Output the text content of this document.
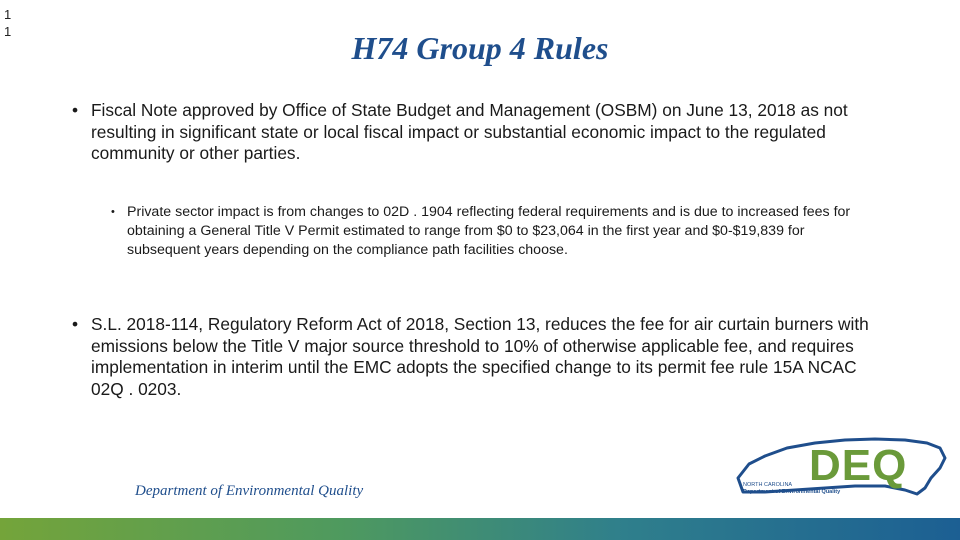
1
1	H74 Group 4 Rules
• Fiscal Note approved by Office of State Budget and Management (OSBM) on June 13, 2018 as not resulting in significant state or local fiscal impact or substantial economic impact to the regulated community or other parties.
• Private sector impact is from changes to 02D . 1904 reflecting federal requirements and is due to increased fees for obtaining a General Title V Permit estimated to range from $0 to $23,064 in the first year and $0-$19,839 for subsequent years depending on the compliance path facilities choose.
• S.L. 2018-114, Regulatory Reform Act of 2018, Section 13, reduces the fee for air curtain burners with emissions below the Title V major source threshold to 10% of otherwise applicable fee, and requires implementation in interim until the EMC adopts the specified change to its permit fee rule 15A NCAC 02Q . 0203.
Department of Environmental Quality
DEQ
NORTH CAROLINA
Department of Environmental Quality
